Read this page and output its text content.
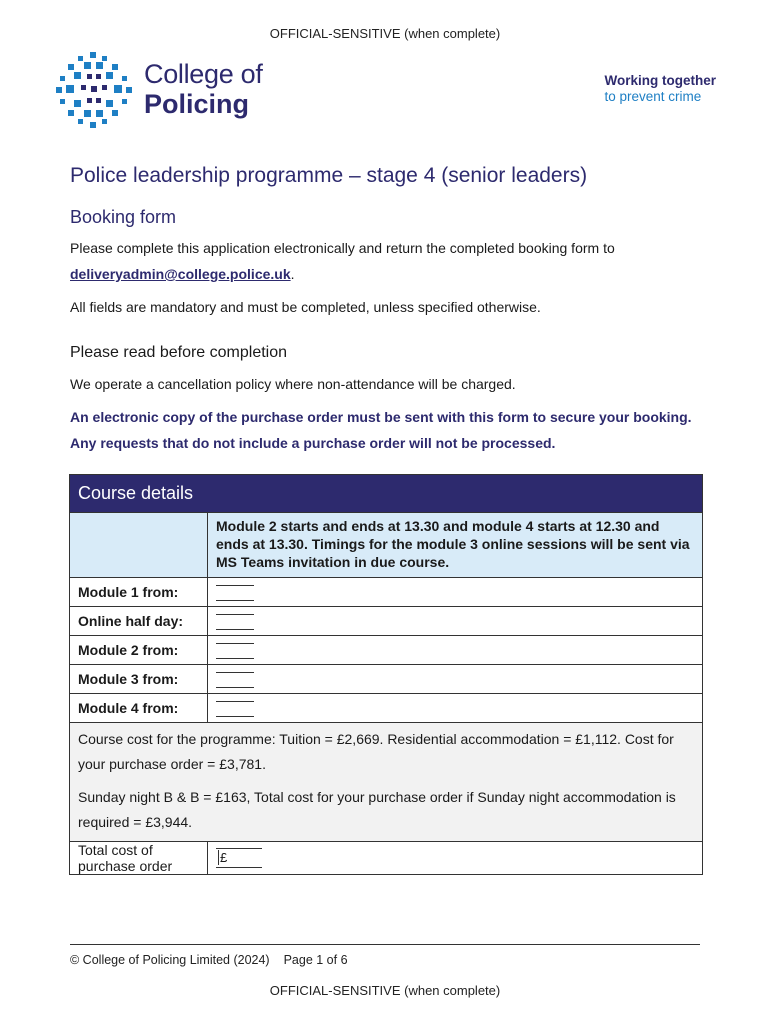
OFFICIAL-SENSITIVE (when complete)
College of
Policing
Working together
to prevent crime
Police leadership programme – stage 4 (senior leaders)
Booking form
Please complete this application electronically and return the completed booking form to deliveryadmin@college.police.uk.
All fields are mandatory and must be completed, unless specified otherwise.
Please read before completion
We operate a cancellation policy where non-attendance will be charged.
An electronic copy of the purchase order must be sent with this form to secure your booking. Any requests that do not include a purchase order will not be processed.
Course details	
	Module 2 starts and ends at 13.30 and module 4 starts at 12.30 and ends at 13.30. Timings for the module 3 online sessions will be sent via MS Teams invitation in due course.
Module 1 from:	
Online half day:	
Module 2 from:	
Module 3 from:	
Module 4 from:	

Course cost for the programme: Tuition = £2,669. Residential accommodation = £1,112. Cost for your purchase order = £3,781.

Sunday night B & B = £163, Total cost for your purchase order if Sunday night accommodation is required = £3,944.	

Total cost of purchase order	£
© College of Policing Limited (2024) Page 1 of 6
OFFICIAL-SENSITIVE (when complete)
